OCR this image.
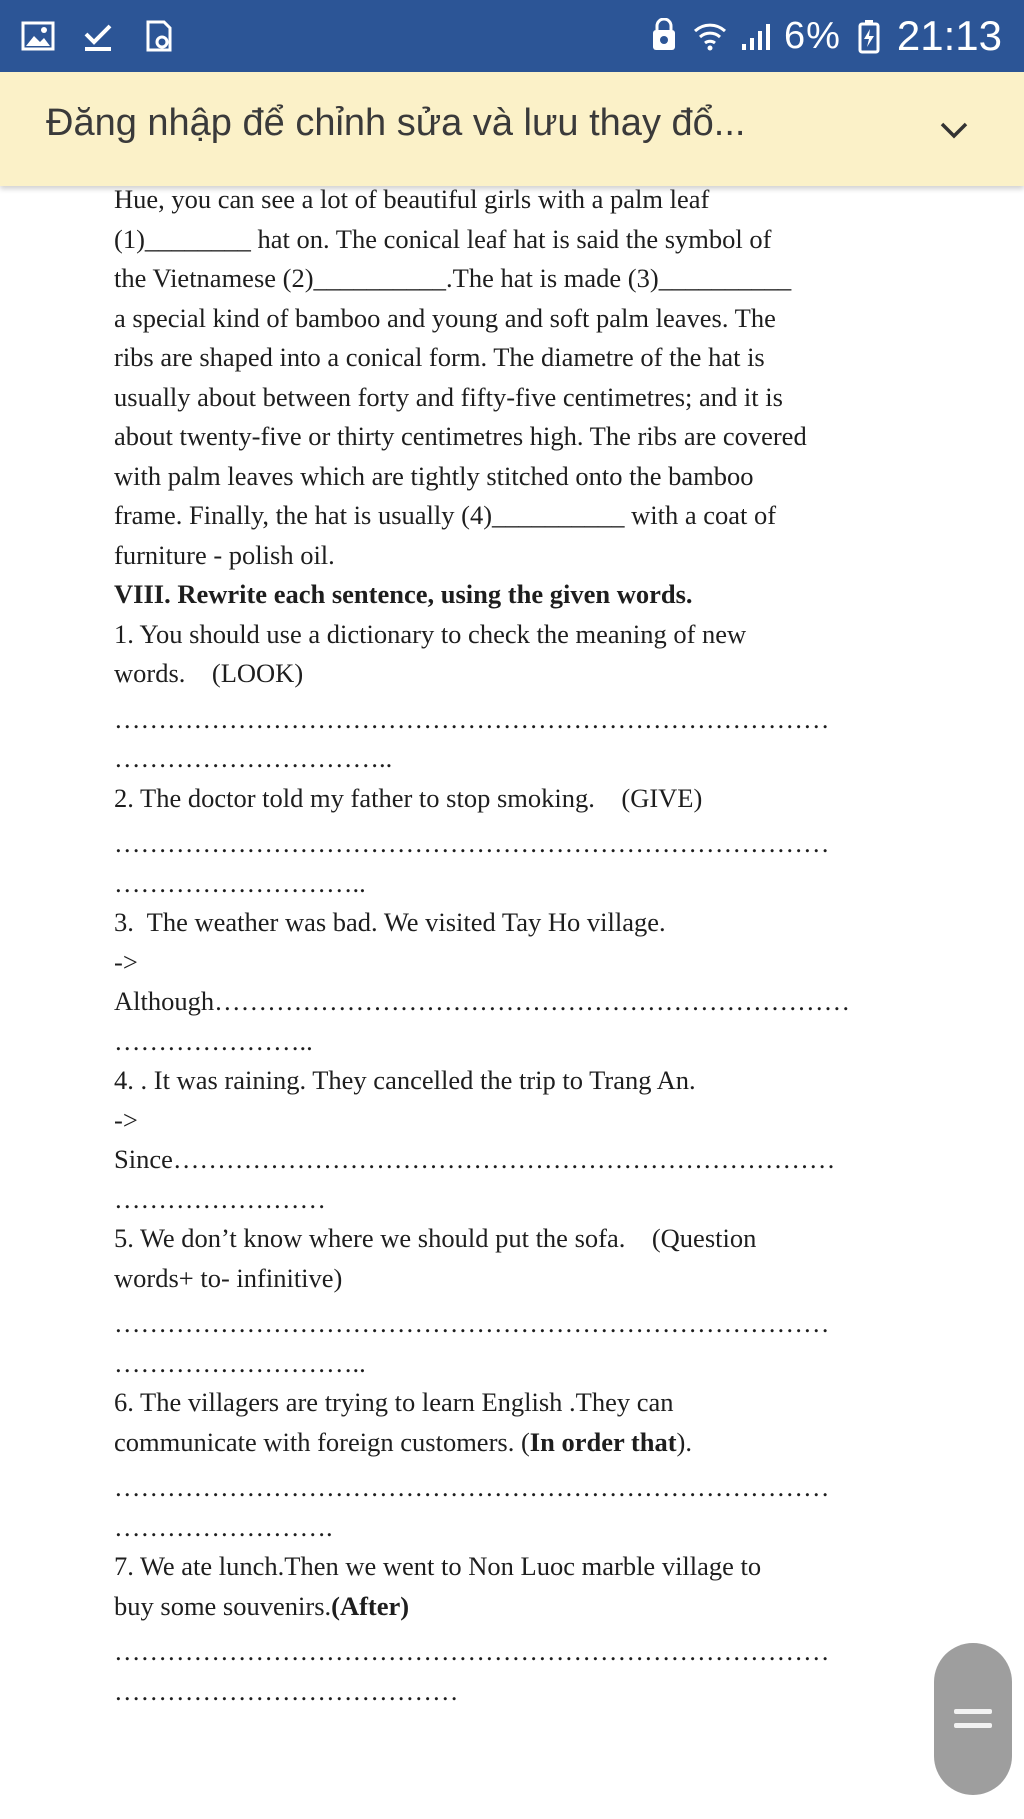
6% 21:13
Đăng nhập để chỉnh sửa và lưu thay đổ...

Hue, you can see a lot of beautiful girls with a palm leaf

(1)________ hat on. The conical leaf hat is said the symbol of

the Vietnamese (2)__________.The hat is made (3)__________

a special kind of bamboo and young and soft palm leaves. The

ribs are shaped into a conical form. The diametre of the hat is

usually about between forty and fifty-five centimetres; and it is

about twenty-five or thirty centimetres high. The ribs are covered

with palm leaves which are tightly stitched onto the bamboo

frame. Finally, the hat is usually (4)__________ with a coat of

furniture - polish oil.

VIII. Rewrite each sentence, using the given words.

1. You should use a dictionary to check the meaning of new

words.    (LOOK)

………………………………………………………………………

…………………………..

2. The doctor told my father to stop smoking.    (GIVE)

………………………………………………………………………

………………………..

3.  The weather was bad. We visited Tay Ho village.

->

Although………………………………………………………………

…………………..

4. . It was raining. They cancelled the trip to Trang An.

->

Since…………………………………………………………………

……………………

5. We don’t know where we should put the sofa.    (Question

words+ to- infinitive)

………………………………………………………………………

………………………..

6. The villagers are trying to learn English .They can

communicate with foreign customers. (In order that).

………………………………………………………………………

…………………….

7. We ate lunch.Then we went to Non Luoc marble village to

buy some souvenirs.(After)

………………………………………………………………………

…………………………………
